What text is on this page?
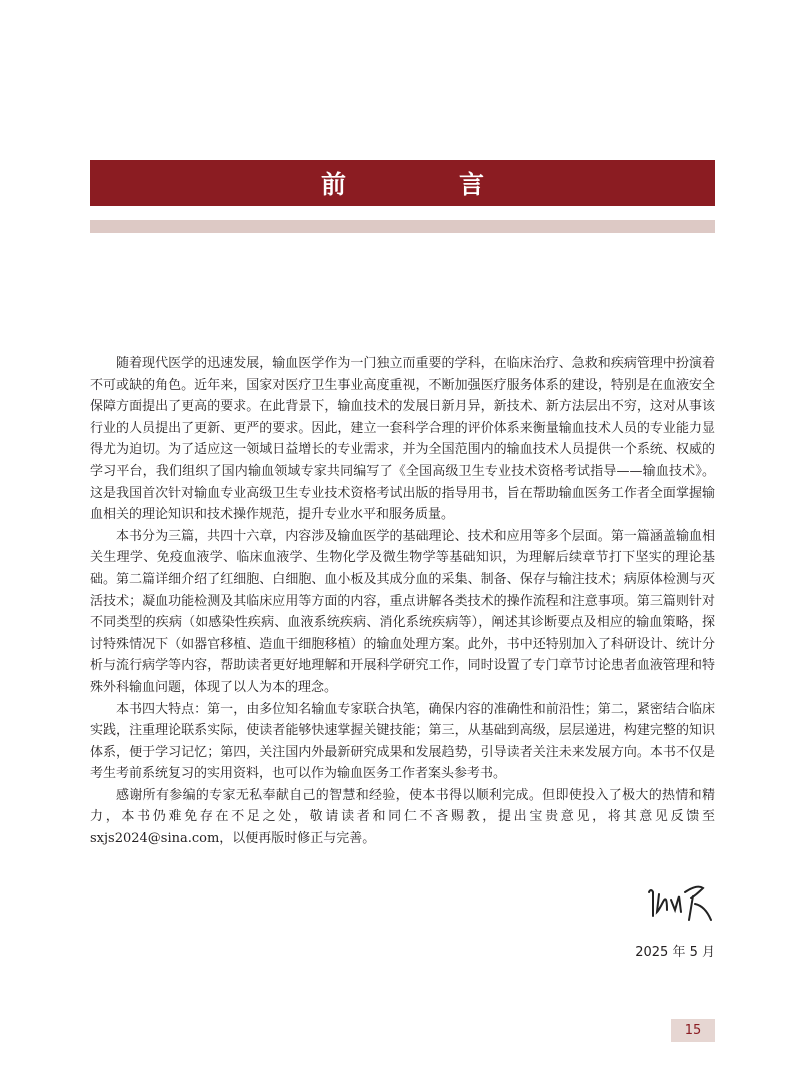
前　言

随着现代医学的迅速发展，输血医学作为一门独立而重要的学科，在临床治疗、急救和疾病管理中扮演着不可或缺的角色。近年来，国家对医疗卫生事业高度重视，不断加强医疗服务体系的建设，特别是在血液安全保障方面提出了更高的要求。在此背景下，输血技术的发展日新月异，新技术、新方法层出不穷，这对从事该行业的人员提出了更新、更严的要求。因此，建立一套科学合理的评价体系来衡量输血技术人员的专业能力显得尤为迫切。为了适应这一领域日益增长的专业需求，并为全国范围内的输血技术人员提供一个系统、权威的学习平台，我们组织了国内输血领域专家共同编写了《全国高级卫生专业技术资格考试指导——输血技术》。这是我国首次针对输血专业高级卫生专业技术资格考试出版的指导用书，旨在帮助输血医务工作者全面掌握输血相关的理论知识和技术操作规范，提升专业水平和服务质量。

本书分为三篇，共四十六章，内容涉及输血医学的基础理论、技术和应用等多个层面。第一篇涵盖输血相关生理学、免疫血液学、临床血液学、生物化学及微生物学等基础知识，为理解后续章节打下坚实的理论基础。第二篇详细介绍了红细胞、白细胞、血小板及其成分血的采集、制备、保存与输注技术；病原体检测与灭活技术；凝血功能检测及其临床应用等方面的内容，重点讲解各类技术的操作流程和注意事项。第三篇则针对不同类型的疾病（如感染性疾病、血液系统疾病、消化系统疾病等），阐述其诊断要点及相应的输血策略，探讨特殊情况下（如器官移植、造血干细胞移植）的输血处理方案。此外，书中还特别加入了科研设计、统计分析与流行病学等内容，帮助读者更好地理解和开展科学研究工作，同时设置了专门章节讨论患者血液管理和特殊外科输血问题，体现了以人为本的理念。

本书四大特点：第一，由多位知名输血专家联合执笔，确保内容的准确性和前沿性；第二，紧密结合临床实践，注重理论联系实际，使读者能够快速掌握关键技能；第三，从基础到高级，层层递进，构建完整的知识体系，便于学习记忆；第四，关注国内外最新研究成果和发展趋势，引导读者关注未来发展方向。本书不仅是考生考前系统复习的实用资料，也可以作为输血医务工作者案头参考书。

感谢所有参编的专家无私奉献自己的智慧和经验，使本书得以顺利完成。但即使投入了极大的热情和精力，本书仍难免存在不足之处，敬请读者和同仁不吝赐教，提出宝贵意见，将其意见反馈至 sxjs2024@sina.com，以便再版时修正与完善。

2025 年 5 月
15
